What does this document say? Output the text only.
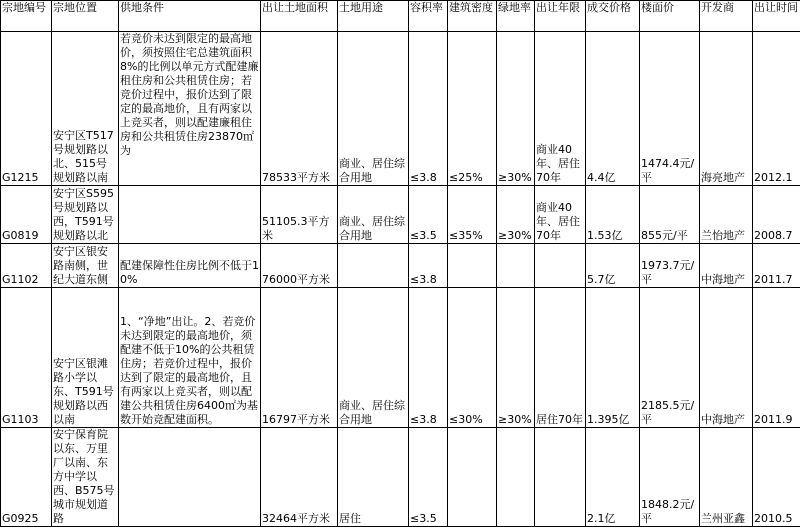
宗地编号	宗地位置	供地条件	出让土地面积	土地用途	容积率	建筑密度	绿地率	出让年限	成交价格	楼面价	开发商	出让时间
G1215	安宁区T517号规划路以北、515号规划路以南	若竞价未达到限定的最高地价，须按照住宅总建筑面积8%的比例以单元方式配建廉租住房和公共租赁住房；若竞价过程中，报价达到了限定的最高地价，且有两家以上竞买者，则以配建廉租住房和公共租赁住房23870㎡为	78533平方米	商业、居住综合用地	≤3.8	≤25%	≥30%	商业40年、居住70年	4.4亿	1474.4元/平	海亮地产	2012.1
G0819	安宁区S595号规划路以西，T591号规划路以北		51105.3平方米	商业、居住综合用地	≤3.5	≤35%	≥30%	商业40年、居住70年	1.53亿	855元/平	兰怡地产	2008.7
G1102	安宁区银安路南侧，世纪大道东侧	配建保障性住房比例不低于10%	76000平方米		≤3.8				5.7亿	1973.7元/平	中海地产	2011.7
G1103	安宁区银滩路小学以东、T591号规划路以西以南	1、“净地”出让。2、若竞价未达到限定的最高地价，须配建不低于10%的公共租赁住房；若竞价过程中，报价达到了限定的最高地价，且有两家以上竞买者，则以配建公共租赁住房6400㎡为基数开始竞配建面积。	16797平方米	商业、居住综合用地	≤3.8	≤30%	≥30%	居住70年	1.395亿	2185.5元/平	中海地产	2011.9
G0925	安宁保育院以东、万里厂以南、东方中学以西、B575号城市规划道路		32464平方米	居住	≤3.5				2.1亿	1848.2元/平	兰州亚鑫	2010.5
